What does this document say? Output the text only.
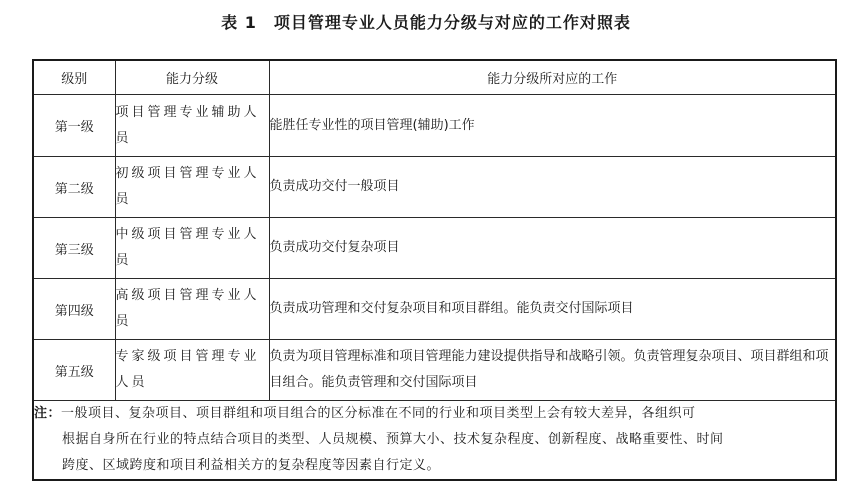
表 1　项目管理专业人员能力分级与对应的工作对照表
级别	能力分级	能力分级所对应的工作
第一级	项目管理专业辅助人员	能胜任专业性的项目管理(辅助)工作
第二级	初级项目管理专业人员	负责成功交付一般项目
第三级	中级项目管理专业人员	负责成功交付复杂项目
第四级	高级项目管理专业人员	负责成功管理和交付复杂项目和项目群组。能负责交付国际项目
第五级	专家级项目管理专业人员	负责为项目管理标准和项目管理能力建设提供指导和战略引领。负责管理复杂项目、项目群组和项目组合。能负责管理和交付国际项目
注：一般项目、复杂项目、项目群组和项目组合的区分标准在不同的行业和项目类型上会有较大差异，各组织可
根据自身所在行业的特点结合项目的类型、人员规模、预算大小、技术复杂程度、创新程度、战略重要性、时间
跨度、区域跨度和项目利益相关方的复杂程度等因素自行定义。		
